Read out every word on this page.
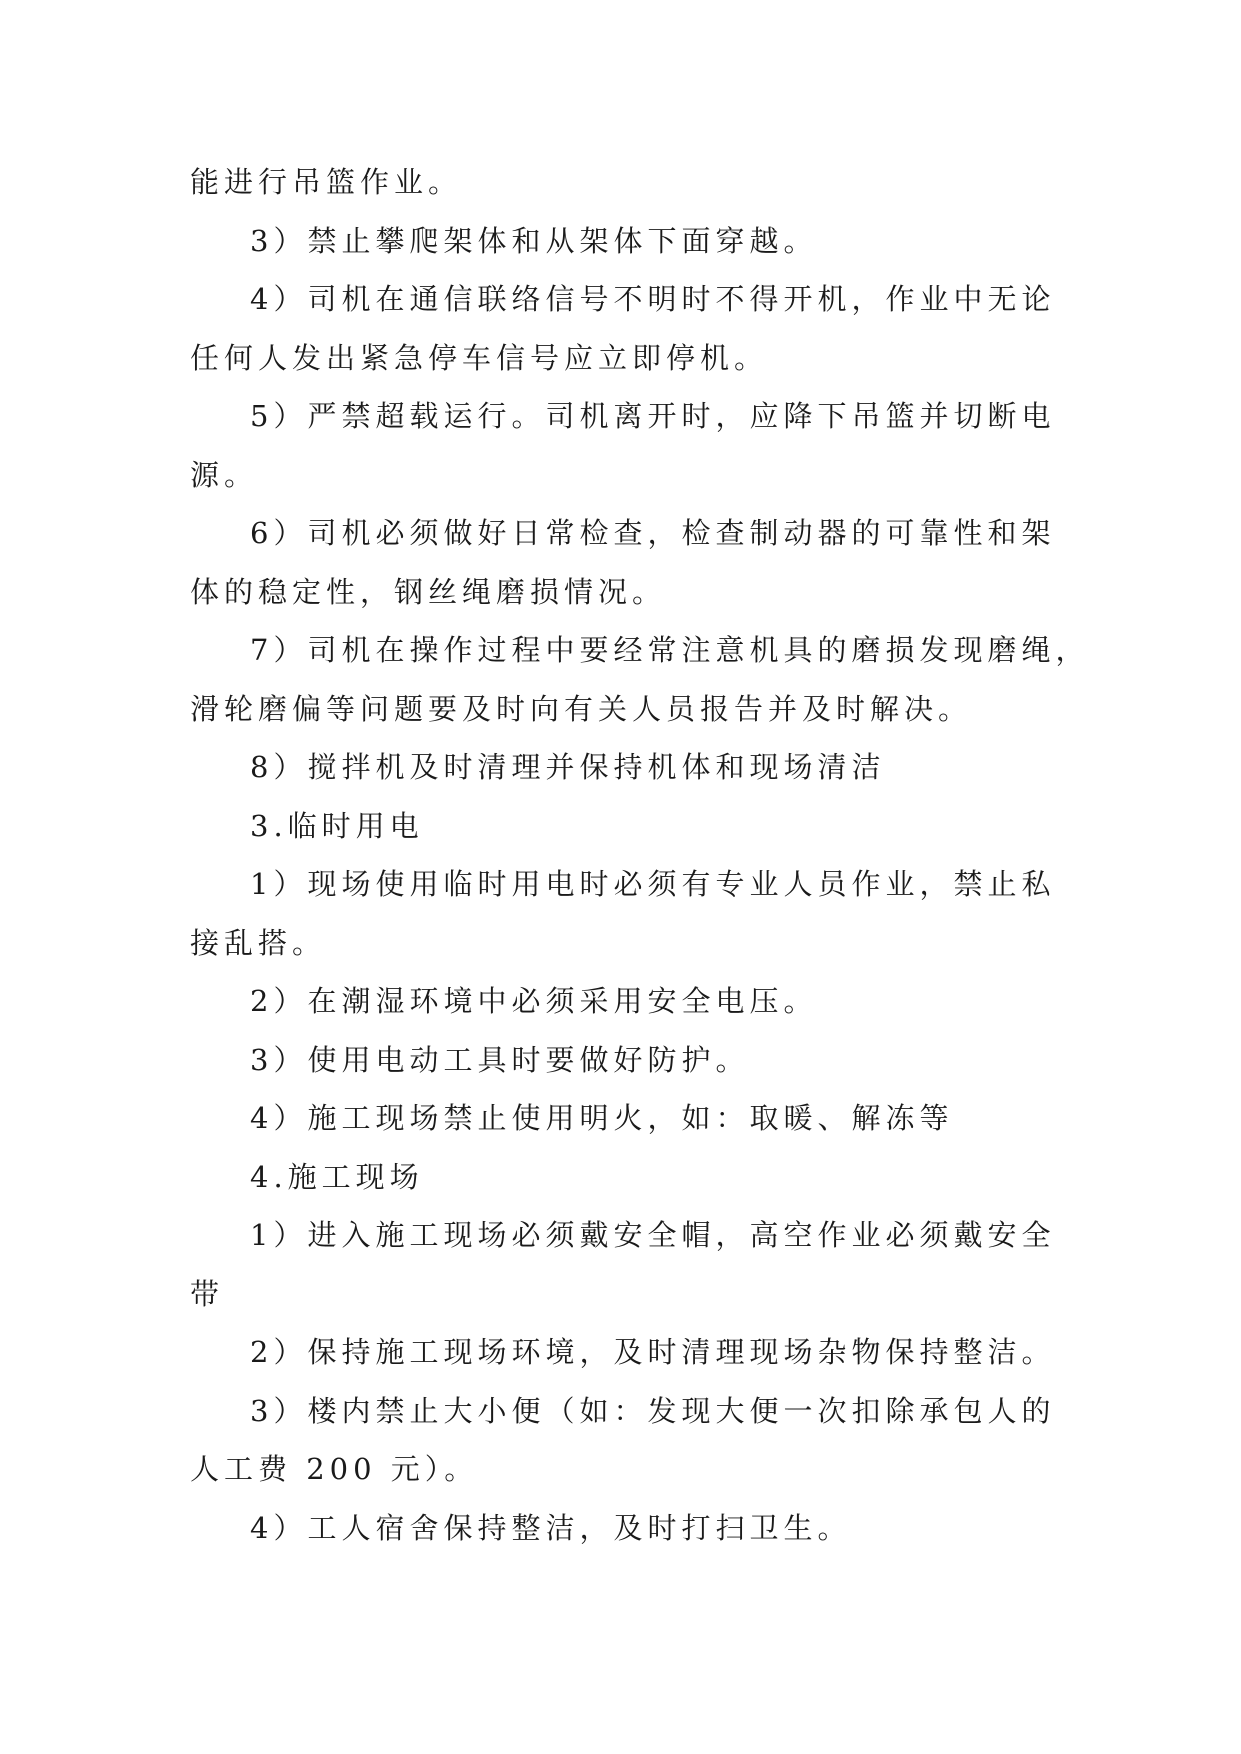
能进行吊篮作业。
3）禁止攀爬架体和从架体下面穿越。
4）司机在通信联络信号不明时不得开机，作业中无论
任何人发出紧急停车信号应立即停机。
5）严禁超载运行。司机离开时，应降下吊篮并切断电
源。
6）司机必须做好日常检查，检查制动器的可靠性和架
体的稳定性，钢丝绳磨损情况。
7）司机在操作过程中要经常注意机具的磨损发现磨绳，
滑轮磨偏等问题要及时向有关人员报告并及时解决。
8）搅拌机及时清理并保持机体和现场清洁
3.临时用电
1）现场使用临时用电时必须有专业人员作业，禁止私
接乱搭。
2）在潮湿环境中必须采用安全电压。
3）使用电动工具时要做好防护。
4）施工现场禁止使用明火，如：取暖、解冻等
4.施工现场
1）进入施工现场必须戴安全帽，高空作业必须戴安全
带
2）保持施工现场环境，及时清理现场杂物保持整洁。
3）楼内禁止大小便（如：发现大便一次扣除承包人的
人工费 200 元）。
4）工人宿舍保持整洁，及时打扫卫生。
